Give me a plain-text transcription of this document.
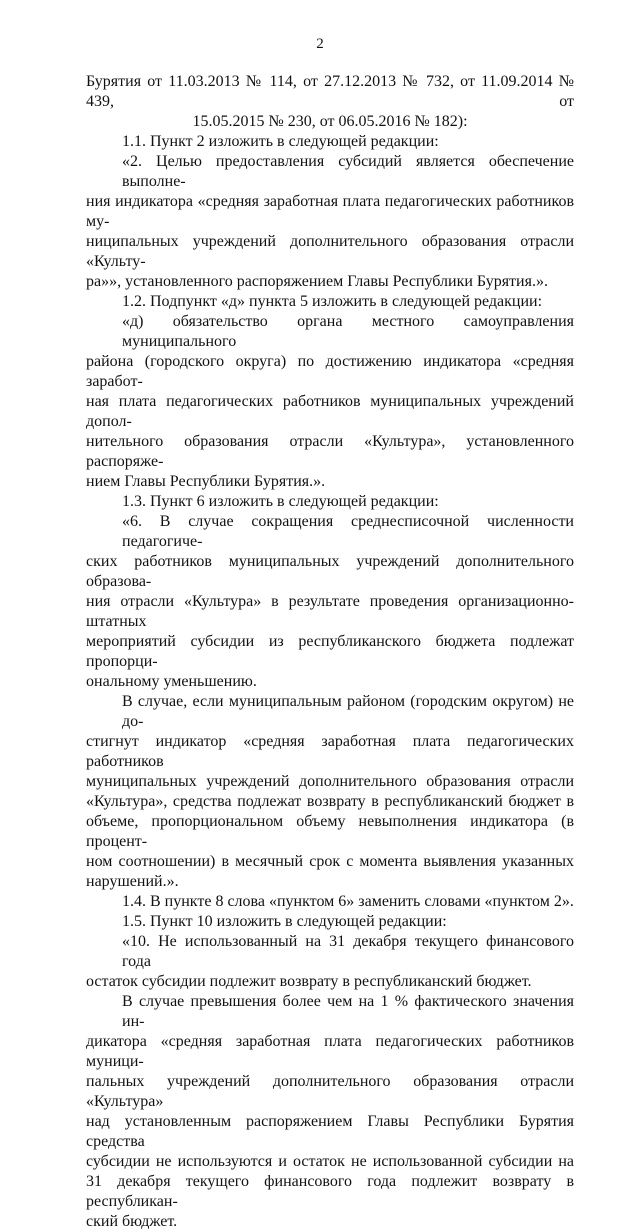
2

Бурятия от 11.03.2013 № 114, от 27.12.2013 № 732, от 11.09.2014 № 439, от
15.05.2015 № 230, от 06.05.2016 № 182):

1.1. Пункт 2 изложить в следующей редакции:

«2. Целью предоставления субсидий является обеспечение выполне-
ния индикатора «средняя заработная плата педагогических работников му-
ниципальных учреждений дополнительного образования отрасли «Культу-
ра»», установленного распоряжением Главы Республики Бурятия.».

1.2. Подпункт «д» пункта 5 изложить в следующей редакции:

«д) обязательство органа местного самоуправления муниципального
района (городского округа) по достижению индикатора «средняя заработ-
ная плата педагогических работников муниципальных учреждений допол-
нительного образования отрасли «Культура», установленного распоряже-
нием Главы Республики Бурятия.».

1.3. Пункт 6 изложить в следующей редакции:

«6. В случае сокращения среднесписочной численности педагогиче-
ских работников муниципальных учреждений дополнительного образова-
ния отрасли «Культура» в результате проведения организационно-штатных
мероприятий субсидии из республиканского бюджета подлежат пропорци-
ональному уменьшению.

В случае, если муниципальным районом (городским округом) не до-
стигнут индикатор «средняя заработная плата педагогических работников
муниципальных учреждений дополнительного образования отрасли
«Культура», средства подлежат возврату в республиканский бюджет в
объеме, пропорциональном объему невыполнения индикатора (в процент-
ном соотношении) в месячный срок с момента выявления указанных
нарушений.».

1.4. В пункте 8 слова «пунктом 6» заменить словами «пунктом 2».

1.5. Пункт 10 изложить в следующей редакции:

«10. Не использованный на 31 декабря текущего финансового года
остаток субсидии подлежит возврату в республиканский бюджет.

В случае превышения более чем на 1 % фактического значения ин-
дикатора «средняя заработная плата педагогических работников муници-
пальных учреждений дополнительного образования отрасли «Культура»
над установленным распоряжением Главы Республики Бурятия средства
субсидии не используются и остаток не использованной субсидии на
31 декабря текущего финансового года подлежит возврату в республикан-
ский бюджет.
